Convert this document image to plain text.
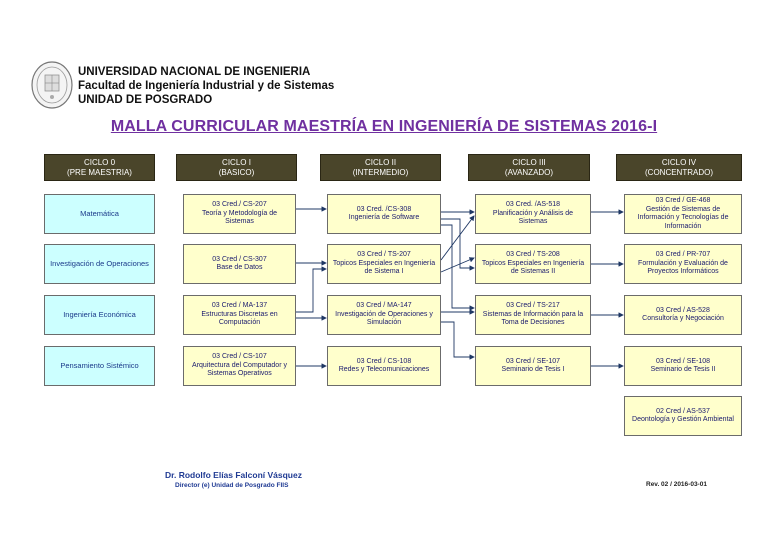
UNIVERSIDAD NACIONAL DE INGENIERIA
Facultad de Ingeniería Industrial y de Sistemas
UNIDAD DE POSGRADO
MALLA CURRICULAR MAESTRÍA EN INGENIERÍA DE SISTEMAS 2016-I
CICLO 0
(PRE MAESTRIA)
CICLO I
(BASICO)
CICLO II
(INTERMEDIO)
CICLO III
(AVANZADO)
CICLO IV
(CONCENTRADO)
Matemática
Investigación de Operaciones
Ingeniería Económica
Pensamiento Sistémico
03 Cred./ CS-207
Teoría y Metodología de Sistemas
03 Cred / CS-307
Base de Datos
03 Cred / MA-137
Estructuras Discretas en Computación
03 Cred / CS-107
Arquitectura del Computador y Sistemas Operativos
03 Cred. /CS-308
Ingeniería de Software
03 Cred / TS-207
Topicos Especiales en Ingeniería de Sistema I
03 Cred / MA-147
Investigación de Operaciones y Simulación
03 Cred / CS-108
Redes y Telecomunicaciones
03 Cred. /AS-518
Planificación y Análisis de Sistemas
03 Cred / TS-208
Topicos Especiales en Ingeniería de Sistemas II
03 Cred / TS-217
Sistemas de Información para la Toma de Decisiones
03 Cred / SE-107
Seminario de Tesis I
03 Cred / GE-468
Gestión de Sistemas de Información y Tecnologías de Información
03 Cred / PR-707
Formulación y Evaluación de Proyectos Informáticos
03 Cred / AS-528
Consultoría y Negociación
03 Cred / SE-108
Seminario de Tesis II
02 Cred / AS-537
Deontología y Gestión Ambiental
Dr. Rodolfo Elías Falconí Vásquez
Director (e) Unidad de Posgrado FIIS	Rev. 02 / 2016-03-01
